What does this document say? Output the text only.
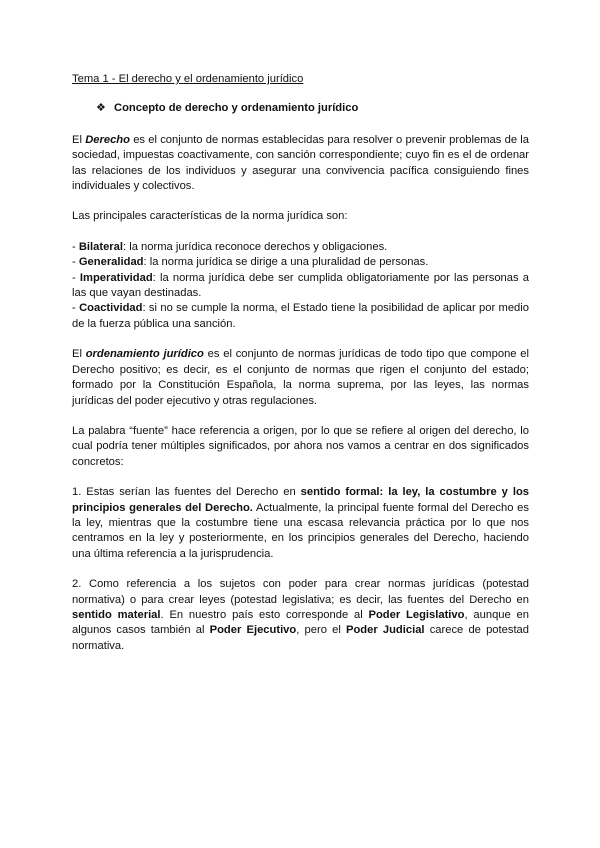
Tema 1 - El derecho y el ordenamiento jurídico
❖ Concepto de derecho y ordenamiento jurídico

El Derecho es el conjunto de normas establecidas para resolver o prevenir problemas de la sociedad, impuestas coactivamente, con sanción correspondiente; cuyo fin es el de ordenar las relaciones de los individuos y asegurar una convivencia pacífica consiguiendo fines individuales y colectivos.

Las principales características de la norma jurídica son:

- Bilateral: la norma jurídica reconoce derechos y obligaciones.
- Generalidad: la norma jurídica se dirige a una pluralidad de personas.
- Imperatividad: la norma jurídica debe ser cumplida obligatoriamente por las personas a las que vayan destinadas.
- Coactividad: si no se cumple la norma, el Estado tiene la posibilidad de aplicar por medio de la fuerza pública una sanción.

El ordenamiento jurídico es el conjunto de normas jurídicas de todo tipo que compone el Derecho positivo; es decir, es el conjunto de normas que rigen el conjunto del estado; formado por la Constitución Española, la norma suprema, por las leyes, las normas jurídicas del poder ejecutivo y otras regulaciones.

La palabra “fuente” hace referencia a origen, por lo que se refiere al origen del derecho, lo cual podría tener múltiples significados, por ahora nos vamos a centrar en dos significados concretos:

1. Estas serían las fuentes del Derecho en sentido formal: la ley, la costumbre y los principios generales del Derecho. Actualmente, la principal fuente formal del Derecho es la ley, mientras que la costumbre tiene una escasa relevancia práctica por lo que nos centramos en la ley y posteriormente, en los principios generales del Derecho, haciendo una última referencia a la jurisprudencia.

2. Como referencia a los sujetos con poder para crear normas jurídicas (potestad normativa) o para crear leyes (potestad legislativa; es decir, las fuentes del Derecho en sentido material. En nuestro país esto corresponde al Poder Legislativo, aunque en algunos casos también al Poder Ejecutivo, pero el Poder Judicial carece de potestad normativa.
